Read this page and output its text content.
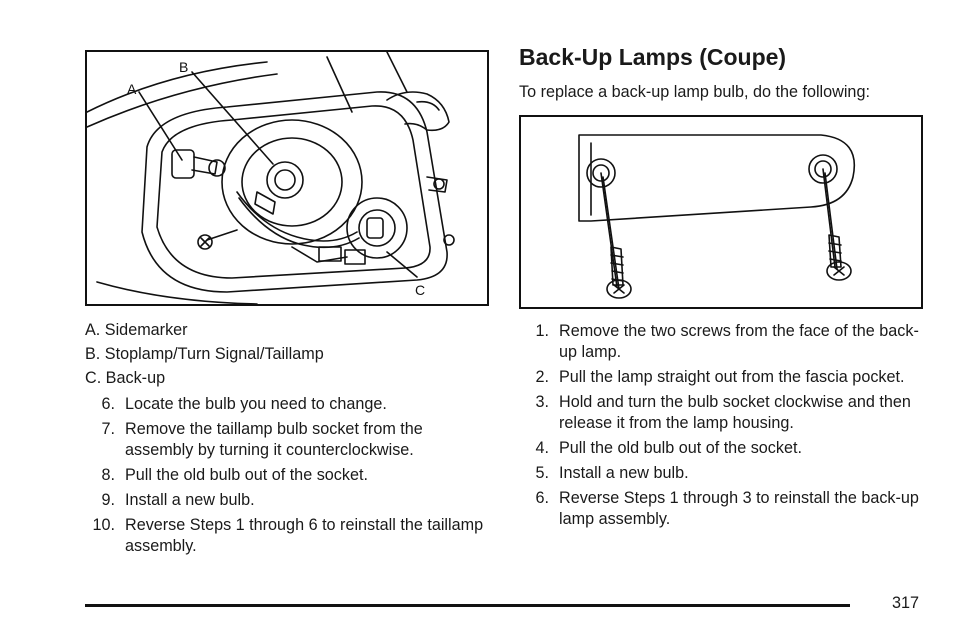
A
B
C

A. Sidemarker

B. Stoplamp/Turn Signal/Taillamp

C. Back-up

6. Locate the bulb you need to change.
7. Remove the taillamp bulb socket from the assembly by turning it counterclockwise.
8. Pull the old bulb out of the socket.
9. Install a new bulb.
10. Reverse Steps 1 through 6 to reinstall the taillamp assembly.
Back-Up Lamps (Coupe)

To replace a back-up lamp bulb, do the following:

1. Remove the two screws from the face of the back-up lamp.
2. Pull the lamp straight out from the fascia pocket.
3. Hold and turn the bulb socket clockwise and then release it from the lamp housing.
4. Pull the old bulb out of the socket.
5. Install a new bulb.
6. Reverse Steps 1 through 3 to reinstall the back-up lamp assembly.
317
